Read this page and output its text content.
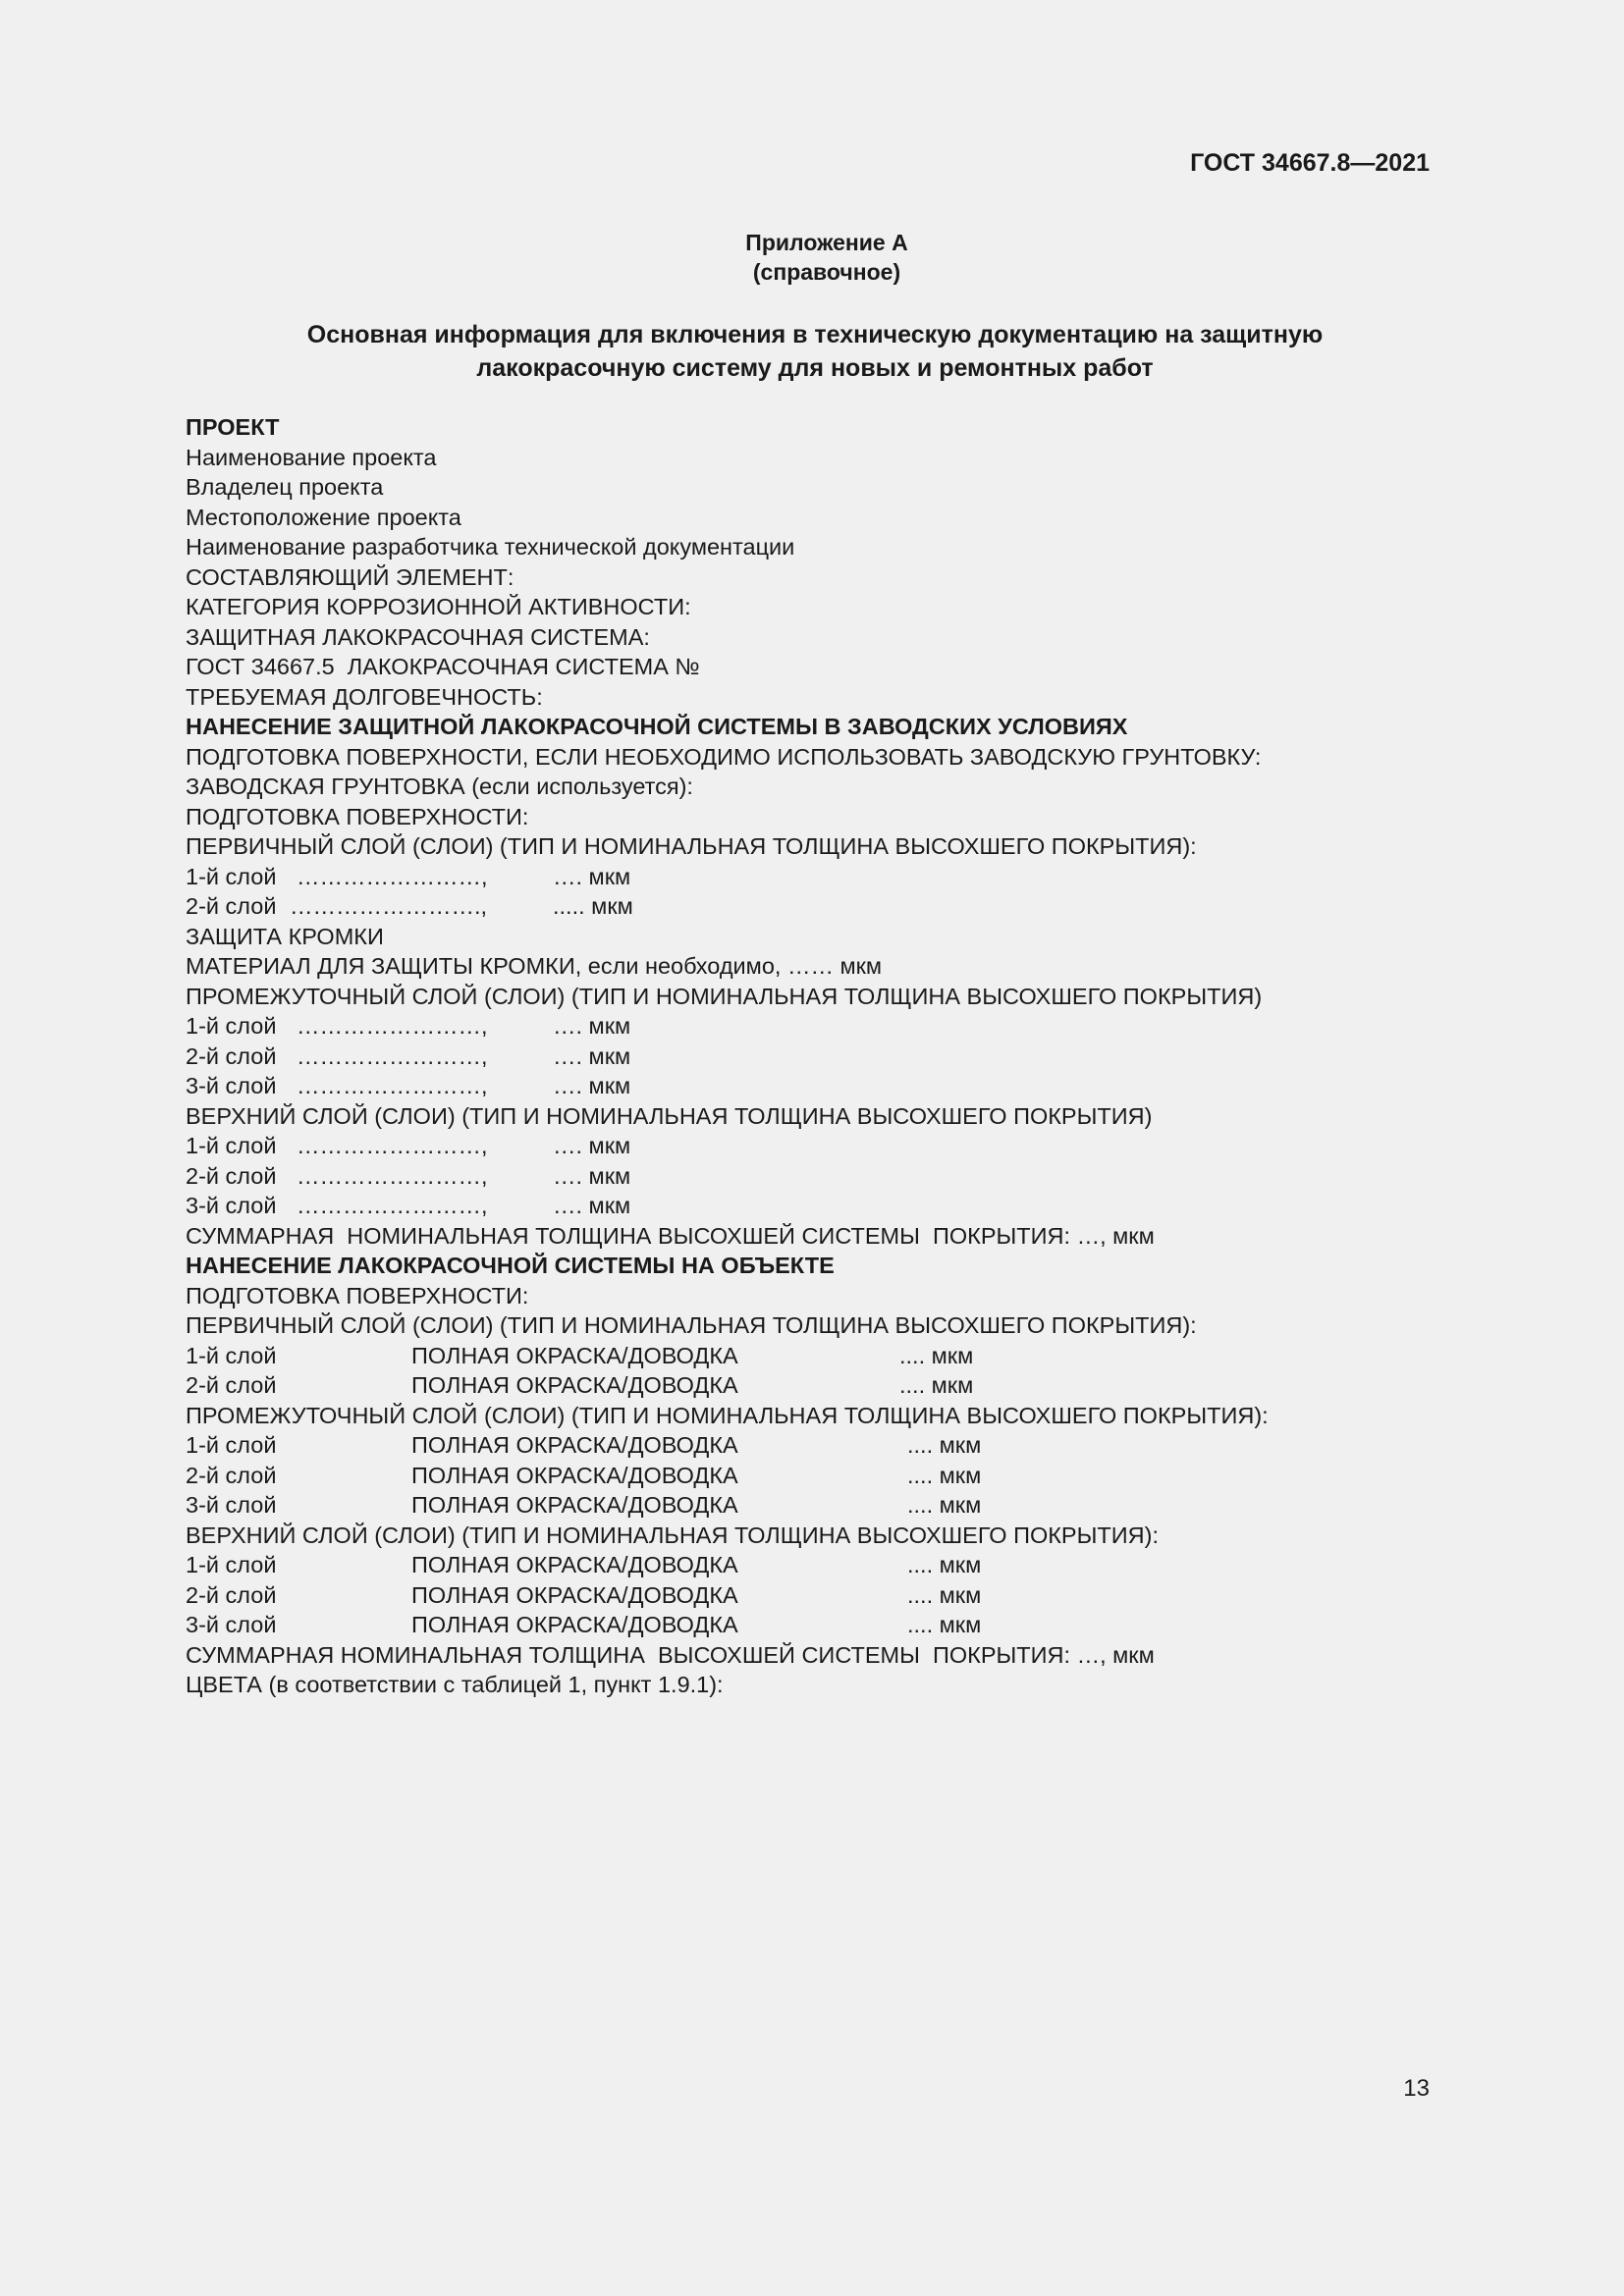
ГОСТ 34667.8—2021
Приложение А
(справочное)
Основная информация для включения в техническую документацию на защитную
лакокрасочную систему для новых и ремонтных работ
ПРОЕКТ
Наименование проекта
Владелец проекта
Местоположение проекта
Наименование разработчика технической документации
СОСТАВЛЯЮЩИЙ ЭЛЕМЕНТ:
КАТЕГОРИЯ КОРРОЗИОННОЙ АКТИВНОСТИ:
ЗАЩИТНАЯ ЛАКОКРАСОЧНАЯ СИСТЕМА:
ГОСТ 34667.5  ЛАКОКРАСОЧНАЯ СИСТЕМА №
ТРЕБУЕМАЯ ДОЛГОВЕЧНОСТЬ:
НАНЕСЕНИЕ ЗАЩИТНОЙ ЛАКОКРАСОЧНОЙ СИСТЕМЫ В ЗАВОДСКИХ УСЛОВИЯХ
ПОДГОТОВКА ПОВЕРХНОСТИ, ЕСЛИ НЕОБХОДИМО ИСПОЛЬЗОВАТЬ ЗАВОДСКУЮ ГРУНТОВКУ:
ЗАВОДСКАЯ ГРУНТОВКА (если используется):
ПОДГОТОВКА ПОВЕРХНОСТИ:
ПЕРВИЧНЫЙ СЛОЙ (СЛОИ) (ТИП И НОМИНАЛЬНАЯ ТОЛЩИНА ВЫСОХШЕГО ПОКРЫТИЯ):
1-й слой ……………………,	…. мкм
2-й слой …………………….,	..... мкм
ЗАЩИТА КРОМКИ
МАТЕРИАЛ ДЛЯ ЗАЩИТЫ КРОМКИ, если необходимо, …… мкм
ПРОМЕЖУТОЧНЫЙ СЛОЙ (СЛОИ) (ТИП И НОМИНАЛЬНАЯ ТОЛЩИНА ВЫСОХШЕГО ПОКРЫТИЯ)
1-й слой ……………………,	…. мкм
2-й слой ……………………,	…. мкм
3-й слой ……………………,	…. мкм
ВЕРХНИЙ СЛОЙ (СЛОИ) (ТИП И НОМИНАЛЬНАЯ ТОЛЩИНА ВЫСОХШЕГО ПОКРЫТИЯ)
1-й слой ……………………,	…. мкм
2-й слой ……………………,	…. мкм
3-й слой ……………………,	…. мкм
СУММАРНАЯ  НОМИНАЛЬНАЯ ТОЛЩИНА ВЫСОХШЕЙ СИСТЕМЫ  ПОКРЫТИЯ: …, мкм
НАНЕСЕНИЕ ЛАКОКРАСОЧНОЙ СИСТЕМЫ НА ОБЪЕКТЕ
ПОДГОТОВКА ПОВЕРХНОСТИ:
ПЕРВИЧНЫЙ СЛОЙ (СЛОИ) (ТИП И НОМИНАЛЬНАЯ ТОЛЩИНА ВЫСОХШЕГО ПОКРЫТИЯ):
1-й слой	ПОЛНАЯ ОКРАСКА/ДОВОДКА	.... мкм
2-й слой	ПОЛНАЯ ОКРАСКА/ДОВОДКА	.... мкм
ПРОМЕЖУТОЧНЫЙ СЛОЙ (СЛОИ) (ТИП И НОМИНАЛЬНАЯ ТОЛЩИНА ВЫСОХШЕГО ПОКРЫТИЯ):
1-й слой	ПОЛНАЯ ОКРАСКА/ДОВОДКА	.... мкм
2-й слой	ПОЛНАЯ ОКРАСКА/ДОВОДКА	.... мкм
3-й слой	ПОЛНАЯ ОКРАСКА/ДОВОДКА	.... мкм
ВЕРХНИЙ СЛОЙ (СЛОИ) (ТИП И НОМИНАЛЬНАЯ ТОЛЩИНА ВЫСОХШЕГО ПОКРЫТИЯ):
1-й слой	ПОЛНАЯ ОКРАСКА/ДОВОДКА	.... мкм
2-й слой	ПОЛНАЯ ОКРАСКА/ДОВОДКА	.... мкм
3-й слой	ПОЛНАЯ ОКРАСКА/ДОВОДКА	.... мкм
СУММАРНАЯ НОМИНАЛЬНАЯ ТОЛЩИНА  ВЫСОХШЕЙ СИСТЕМЫ  ПОКРЫТИЯ: …, мкм
ЦВЕТА (в соответствии с таблицей 1, пункт 1.9.1):
13
